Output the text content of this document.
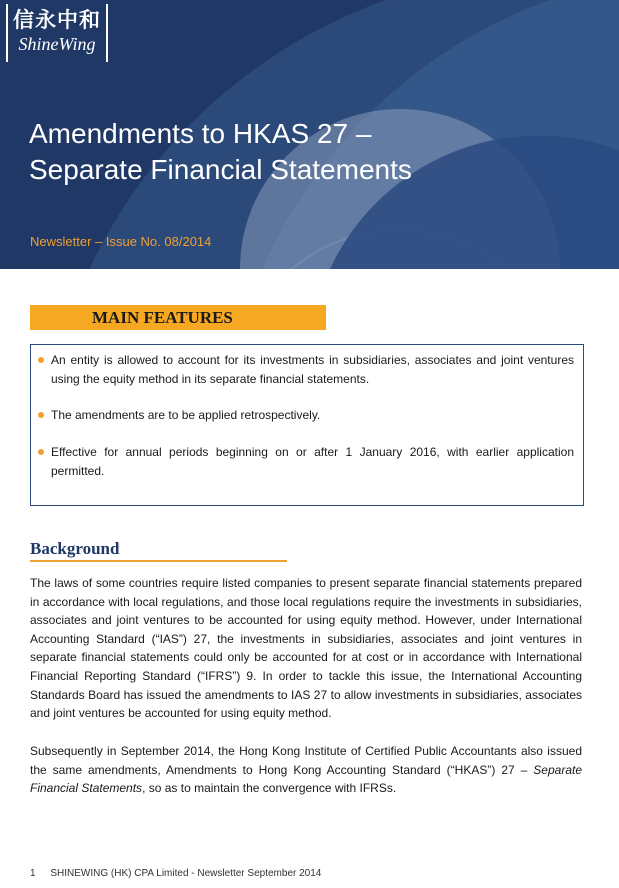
信永中和
ShineWing
Amendments to HKAS 27 –
Separate Financial Statements
Newsletter – Issue No. 08/2014
MAIN FEATURES
An entity is allowed to account for its investments in subsidiaries, associates and joint ventures using the equity method in its separate financial statements.
The amendments are to be applied retrospectively.
Effective for annual periods beginning on or after 1 January 2016, with earlier application permitted.
Background

The laws of some countries require listed companies to present separate financial statements prepared in accordance with local regulations, and those local regulations require the investments in subsidiaries, associates and joint ventures to be accounted for using equity method. However, under International Accounting Standard (“IAS”) 27, the investments in subsidiaries, associates and joint ventures in separate financial statements could only be accounted for at cost or in accordance with International Financial Reporting Standard (“IFRS”) 9. In order to tackle this issue, the International Accounting Standards Board has issued the amendments to IAS 27 to allow investments in subsidiaries, associates and joint ventures be accounted for using equity method.

Subsequently in September 2014, the Hong Kong Institute of Certified Public Accountants also issued the same amendments, Amendments to Hong Kong Accounting Standard (“HKAS”) 27 – Separate Financial Statements, so as to maintain the convergence with IFRSs.

1 SHINEWING (HK) CPA Limited - Newsletter September 2014
